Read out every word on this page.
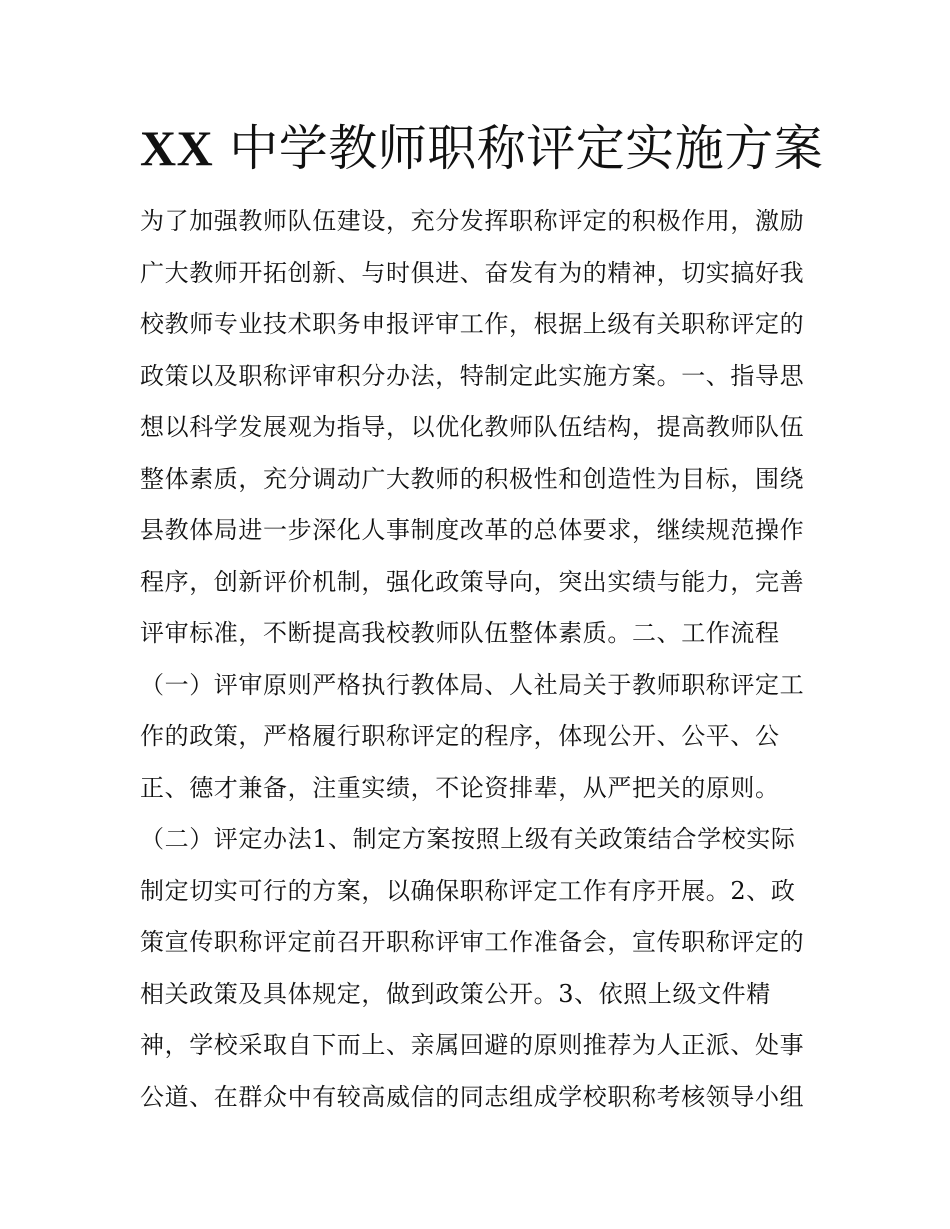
XX 中学教师职称评定实施方案
为了加强教师队伍建设，充分发挥职称评定的积极作用，激励
广大教师开拓创新、与时俱进、奋发有为的精神，切实搞好我
校教师专业技术职务申报评审工作，根据上级有关职称评定的
政策以及职称评审积分办法，特制定此实施方案。一、指导思
想以科学发展观为指导，以优化教师队伍结构，提高教师队伍
整体素质，充分调动广大教师的积极性和创造性为目标，围绕
县教体局进一步深化人事制度改革的总体要求，继续规范操作
程序，创新评价机制，强化政策导向，突出实绩与能力，完善
评审标准，不断提高我校教师队伍整体素质。二、工作流程
（一）评审原则严格执行教体局、人社局关于教师职称评定工
作的政策，严格履行职称评定的程序，体现公开、公平、公
正、德才兼备，注重实绩，不论资排辈，从严把关的原则。
（二）评定办法1、制定方案按照上级有关政策结合学校实际
制定切实可行的方案，以确保职称评定工作有序开展。2、政
策宣传职称评定前召开职称评审工作准备会，宣传职称评定的
相关政策及具体规定，做到政策公开。3、依照上级文件精
神，学校采取自下而上、亲属回避的原则推荐为人正派、处事
公道、在群众中有较高威信的同志组成学校职称考核领导小组
